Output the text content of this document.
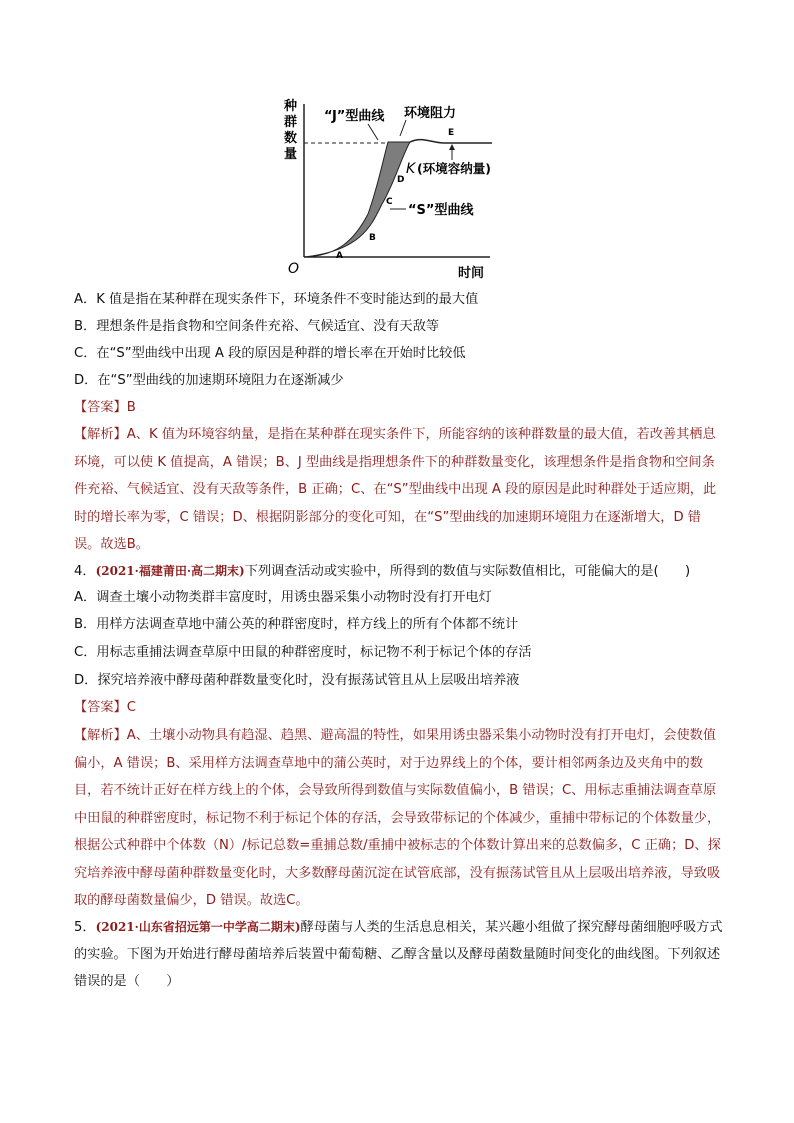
种
群
数
量
O	时间
“J”型曲线 环境阻力
E
K (环境容纳量)
D
C
B
A
“S”型曲线
A．K 值是指在某种群在现实条件下，环境条件不变时能达到的最大值
B．理想条件是指食物和空间条件充裕、气候适宜、没有天敌等
C．在“S”型曲线中出现 A 段的原因是种群的增长率在开始时比较低
D．在“S”型曲线的加速期环境阻力在逐渐减少
【答案】B
【解析】A、K 值为环境容纳量，是指在某种群在现实条件下，所能容纳的该种群数量的最大值，若改善其栖息环境，可以使 K 值提高，A 错误；B、J 型曲线是指理想条件下的种群数量变化，该理想条件是指食物和空间条件充裕、气候适宜、没有天敌等条件，B 正确；C、在“S”型曲线中出现 A 段的原因是此时种群处于适应期，此时的增长率为零，C 错误；D、根据阴影部分的变化可知，在“S”型曲线的加速期环境阻力在逐渐增大，D 错误。故选B。
4．(2021·福建莆田·高二期末)下列调查活动或实验中，所得到的数值与实际数值相比，可能偏大的是(　　)
A．调查土壤小动物类群丰富度时，用诱虫器采集小动物时没有打开电灯
B．用样方法调查草地中蒲公英的种群密度时，样方线上的所有个体都不统计
C．用标志重捕法调查草原中田鼠的种群密度时，标记物不利于标记个体的存活
D．探究培养液中酵母菌种群数量变化时，没有振荡试管且从上层吸出培养液
【答案】C
【解析】A、土壤小动物具有趋湿、趋黑、避高温的特性，如果用诱虫器采集小动物时没有打开电灯，会使数值偏小，A 错误；B、采用样方法调查草地中的蒲公英时，对于边界线上的个体，要计相邻两条边及夹角中的数目，若不统计正好在样方线上的个体，会导致所得到数值与实际数值偏小，B 错误；C、用标志重捕法调查草原中田鼠的种群密度时，标记物不利于标记个体的存活，会导致带标记的个体减少，重捕中带标记的个体数量少，根据公式种群中个体数（N）/标记总数=重捕总数/重捕中被标志的个体数计算出来的总数偏多，C 正确；D、探究培养液中酵母菌种群数量变化时，大多数酵母菌沉淀在试管底部，没有振荡试管且从上层吸出培养液，导致吸取的酵母菌数量偏少，D 错误。故选C。
5．(2021·山东省招远第一中学高二期末)酵母菌与人类的生活息息相关，某兴趣小组做了探究酵母菌细胞呼吸方式的实验。下图为开始进行酵母菌培养后装置中葡萄糖、乙醇含量以及酵母菌数量随时间变化的曲线图。下列叙述错误的是（　　）
